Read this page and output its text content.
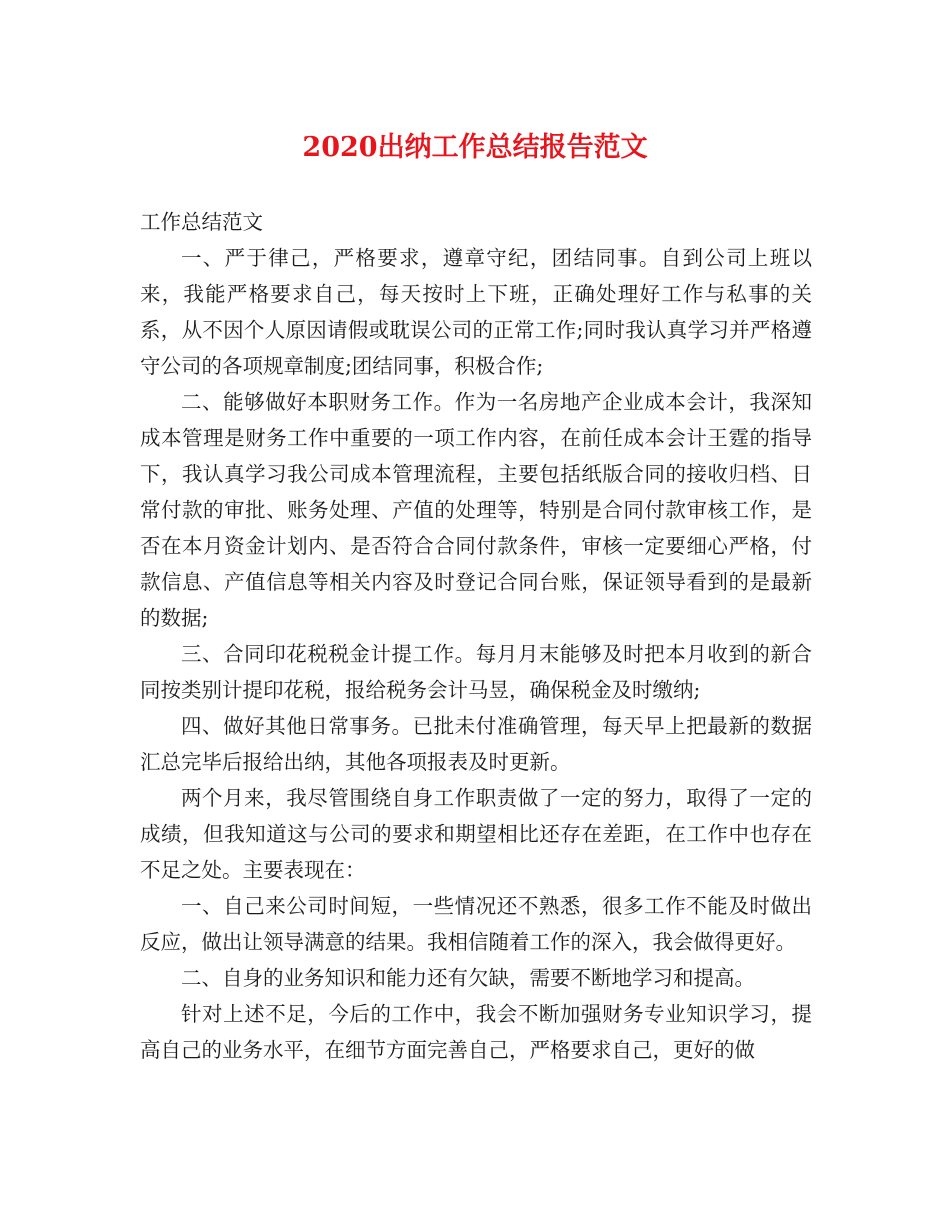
2020出纳工作总结报告范文

工作总结范文

一、严于律己，严格要求，遵章守纪，团结同事。自到公司上班以来，我能严格要求自己，每天按时上下班，正确处理好工作与私事的关系，从不因个人原因请假或耽误公司的正常工作;同时我认真学习并严格遵守公司的各项规章制度;团结同事，积极合作;

二、能够做好本职财务工作。作为一名房地产企业成本会计，我深知成本管理是财务工作中重要的一项工作内容，在前任成本会计王霆的指导下，我认真学习我公司成本管理流程，主要包括纸版合同的接收归档、日常付款的审批、账务处理、产值的处理等，特别是合同付款审核工作，是否在本月资金计划内、是否符合合同付款条件，审核一定要细心严格，付款信息、产值信息等相关内容及时登记合同台账，保证领导看到的是最新的数据;

三、合同印花税税金计提工作。每月月末能够及时把本月收到的新合同按类别计提印花税，报给税务会计马昱，确保税金及时缴纳;

四、做好其他日常事务。已批未付准确管理，每天早上把最新的数据汇总完毕后报给出纳，其他各项报表及时更新。

两个月来，我尽管围绕自身工作职责做了一定的努力，取得了一定的成绩，但我知道这与公司的要求和期望相比还存在差距，在工作中也存在不足之处。主要表现在：

一、自己来公司时间短，一些情况还不熟悉，很多工作不能及时做出反应，做出让领导满意的结果。我相信随着工作的深入，我会做得更好。

二、自身的业务知识和能力还有欠缺，需要不断地学习和提高。

针对上述不足，今后的工作中，我会不断加强财务专业知识学习，提高自己的业务水平，在细节方面完善自己，严格要求自己，更好的做
